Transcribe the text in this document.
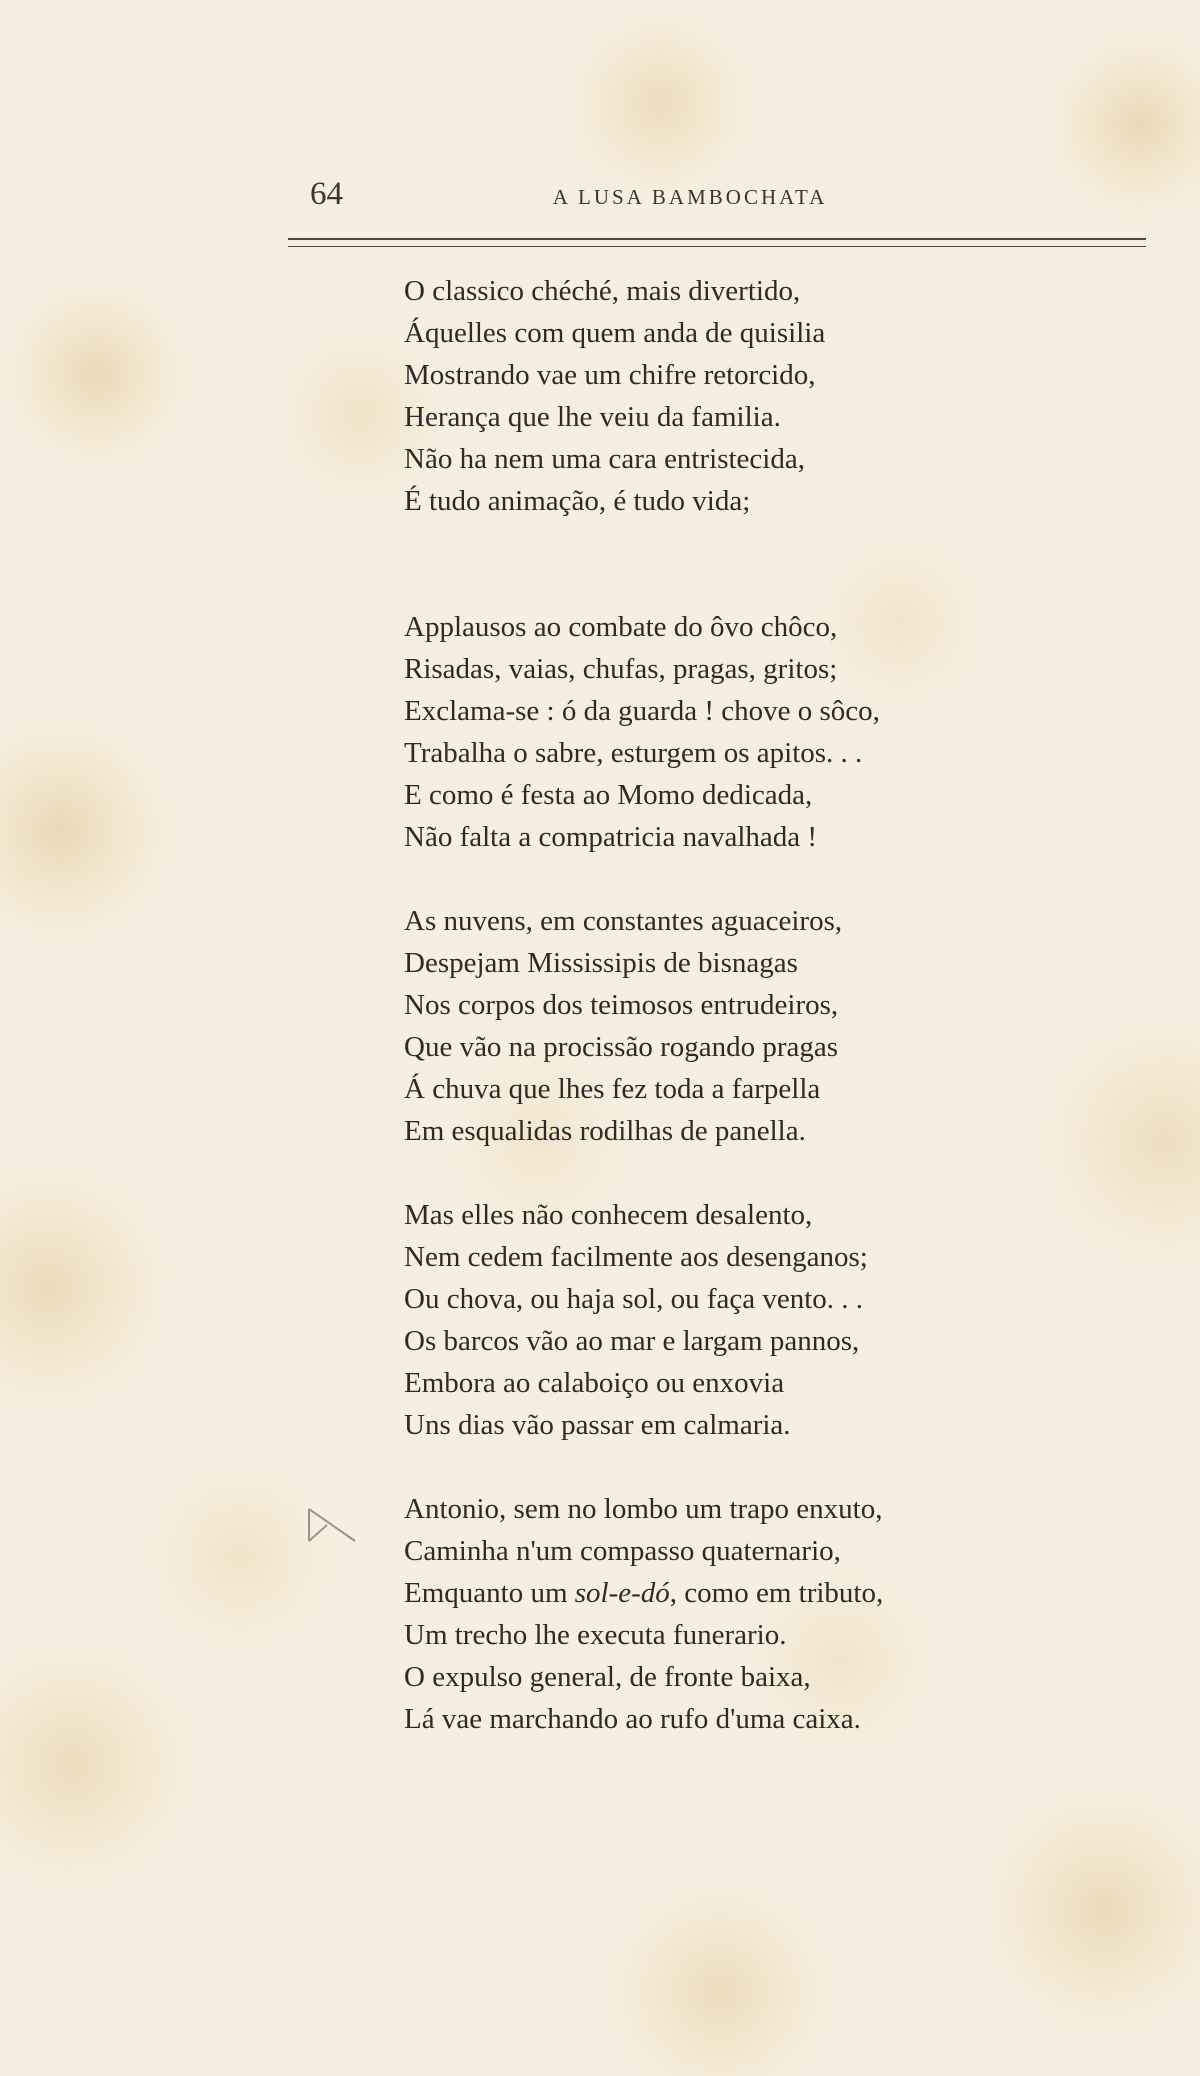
64	A LUSA BAMBOCHATA
O classico chéché, mais divertido,
Áquelles com quem anda de quisilia
Mostrando vae um chifre retorcido,
Herança que lhe veiu da familia.
Não ha nem uma cara entristecida,
É tudo animação, é tudo vida;
Applausos ao combate do ôvo chôco,
Risadas, vaias, chufas, pragas, gritos;
Exclama-se : ó da guarda ! chove o sôco,
Trabalha o sabre, esturgem os apitos. . .
E como é festa ao Momo dedicada,
Não falta a compatricia navalhada !
As nuvens, em constantes aguaceiros,
Despejam Mississipis de bisnagas
Nos corpos dos teimosos entrudeiros,
Que vão na procissão rogando pragas
Á chuva que lhes fez toda a farpella
Em esqualidas rodilhas de panella.
Mas elles não conhecem desalento,
Nem cedem facilmente aos desenganos;
Ou chova, ou haja sol, ou faça vento. . .
Os barcos vão ao mar e largam pannos,
Embora ao calaboiço ou enxovia
Uns dias vão passar em calmaria.
Antonio, sem no lombo um trapo enxuto,
Caminha n'um compasso quaternario,
Emquanto um sol-e-dó, como em tributo,
Um trecho lhe executa funerario.
O expulso general, de fronte baixa,
Lá vae marchando ao rufo d'uma caixa.
